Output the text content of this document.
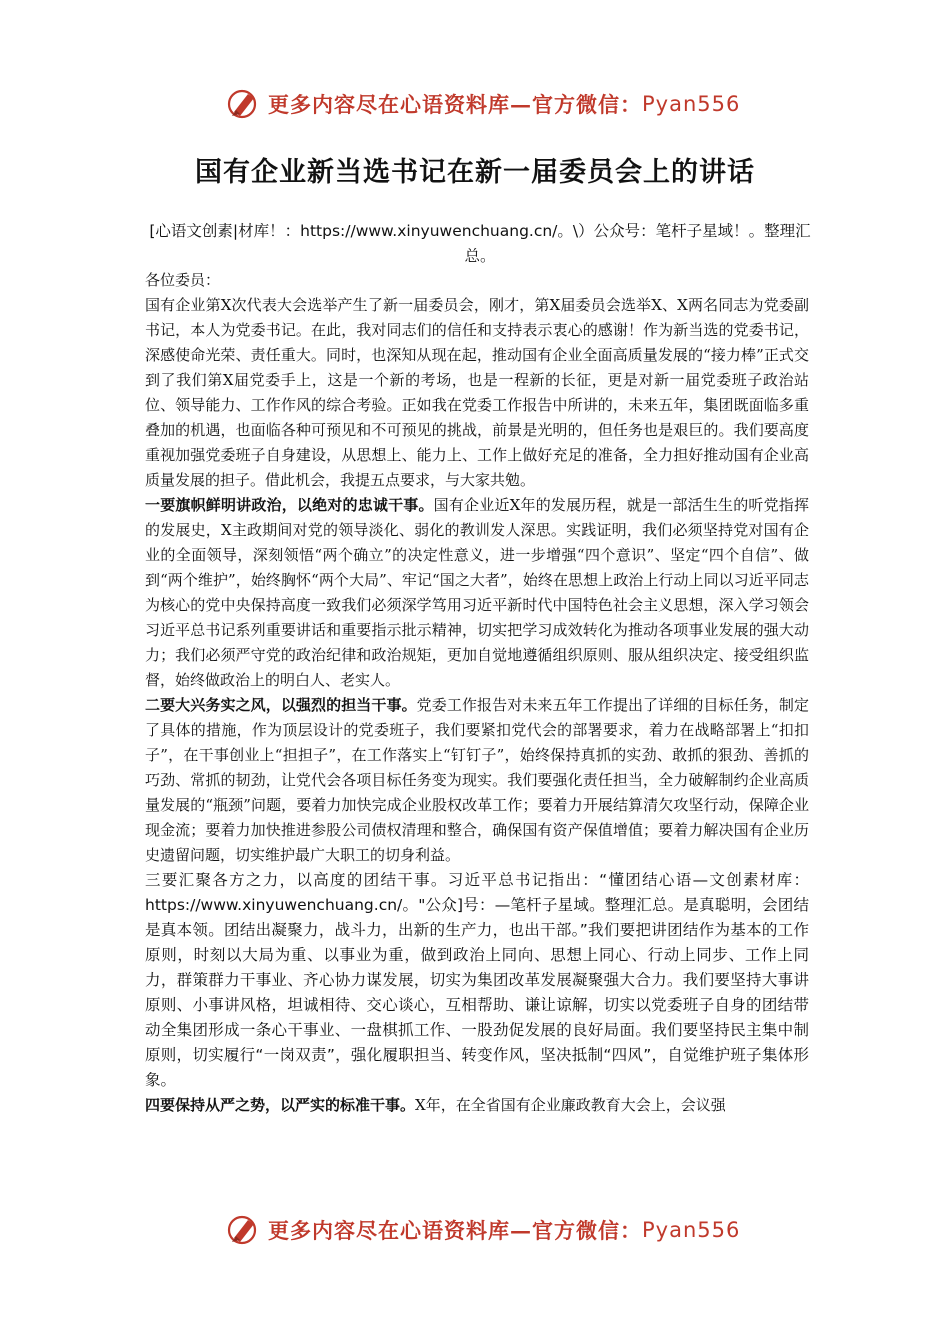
更多内容尽在心语资料库—官方微信： Pyan556
国有企业新当选书记在新一届委员会上的讲话
[心语文创素|材库！：https://www.xinyuwenchuang.cn/。\）公众号：笔杆子星域！。整理汇总。

各位委员：

国有企业第X次代表大会选举产生了新一届委员会，刚才，第X届委员会选举X、X两名同志为党委副书记，本人为党委书记。在此，我对同志们的信任和支持表示衷心的感谢！作为新当选的党委书记，深感使命光荣、责任重大。同时，也深知从现在起，推动国有企业全面高质量发展的“接力棒”正式交到了我们第X届党委手上，这是一个新的考场，也是一程新的长征，更是对新一届党委班子政治站位、领导能力、工作作风的综合考验。正如我在党委工作报告中所讲的，未来五年，集团既面临多重叠加的机遇，也面临各种可预见和不可预见的挑战，前景是光明的，但任务也是艰巨的。我们要高度重视加强党委班子自身建设，从思想上、能力上、工作上做好充足的准备，全力担好推动国有企业高质量发展的担子。借此机会，我提五点要求，与大家共勉。

一要旗帜鲜明讲政治，以绝对的忠诚干事。国有企业近X年的发展历程，就是一部活生生的听党指挥的发展史，X主政期间对党的领导淡化、弱化的教训发人深思。实践证明，我们必须坚持党对国有企业的全面领导，深刻领悟“两个确立”的决定性意义，进一步增强“四个意识”、坚定“四个自信”、做到“两个维护”，始终胸怀“两个大局”、牢记“国之大者”，始终在思想上政治上行动上同以习近平同志为核心的党中央保持高度一致我们必须深学笃用习近平新时代中国特色社会主义思想，深入学习领会习近平总书记系列重要讲话和重要指示批示精神，切实把学习成效转化为推动各项事业发展的强大动力；我们必须严守党的政治纪律和政治规矩，更加自觉地遵循组织原则、服从组织决定、接受组织监督，始终做政治上的明白人、老实人。

二要大兴务实之风，以强烈的担当干事。党委工作报告对未来五年工作提出了详细的目标任务，制定了具体的措施，作为顶层设计的党委班子，我们要紧扣党代会的部署要求，着力在战略部署上“扣扣子”，在干事创业上“担担子”，在工作落实上“钉钉子”，始终保持真抓的实劲、敢抓的狠劲、善抓的巧劲、常抓的韧劲，让党代会各项目标任务变为现实。我们要强化责任担当，全力破解制约企业高质量发展的“瓶颈”问题，要着力加快完成企业股权改革工作；要着力开展结算清欠攻坚行动，保障企业现金流；要着力加快推进参股公司债权清理和整合，确保国有资产保值增值；要着力解决国有企业历史遗留问题，切实维护最广大职工的切身利益。

三要汇聚各方之力，以高度的团结干事。习近平总书记指出：“懂团结心语—文创素材库：https://www.xinyuwenchuang.cn/。"公众]号：—笔杆子星域。整理汇总。是真聪明，会团结是真本领。团结出凝聚力，战斗力，出新的生产力，也出干部。”我们要把讲团结作为基本的工作原则，时刻以大局为重、以事业为重，做到政治上同向、思想上同心、行动上同步、工作上同力，群策群力干事业、齐心协力谋发展，切实为集团改革发展凝聚强大合力。我们要坚持大事讲原则、小事讲风格，坦诚相待、交心谈心，互相帮助、谦让谅解，切实以党委班子自身的团结带动全集团形成一条心干事业、一盘棋抓工作、一股劲促发展的良好局面。我们要坚持民主集中制原则，切实履行“一岗双责”，强化履职担当、转变作风，坚决抵制“四风”，自觉维护班子集体形象。

四要保持从严之势，以严实的标准干事。X年，在全省国有企业廉政教育大会上，会议强

更多内容尽在心语资料库—官方微信： Pyan556
